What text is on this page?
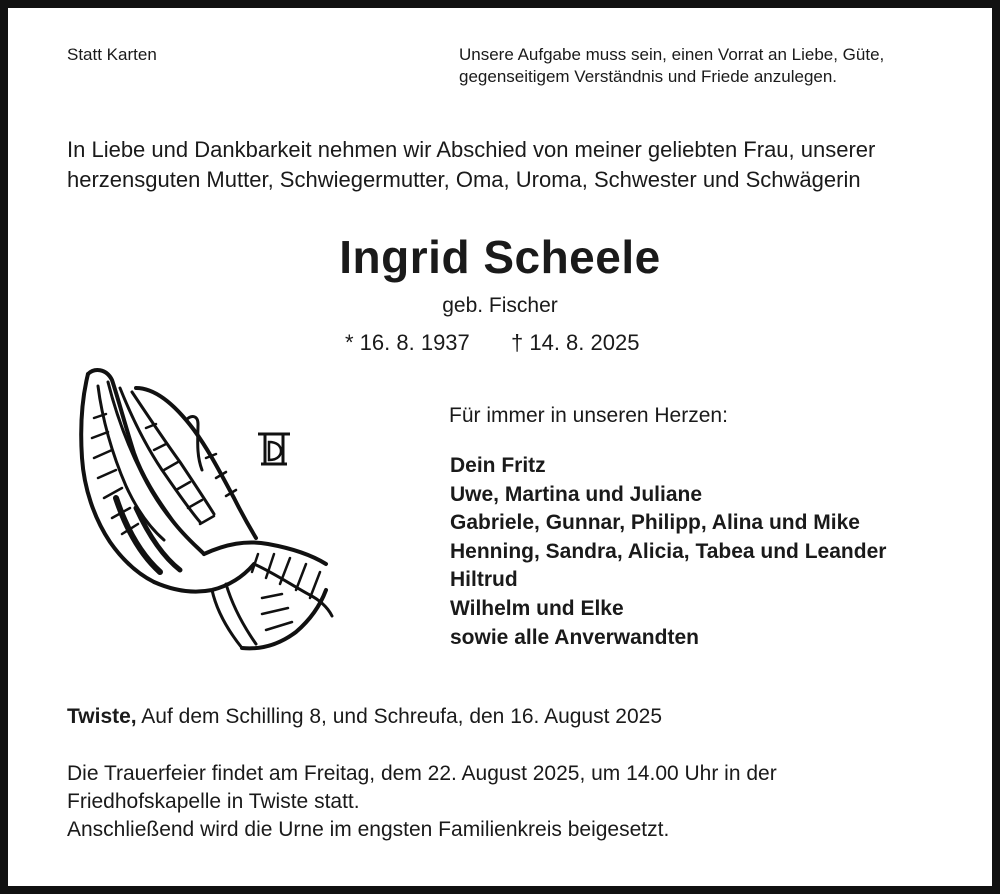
Statt Karten	Unsere Aufgabe muss sein, einen Vorrat an Liebe, Güte,
gegenseitigem Verständnis und Friede anzulegen.
In Liebe und Dankbarkeit nehmen wir Abschied von meiner geliebten Frau, unserer
herzensguten Mutter, Schwiegermutter, Oma, Uroma, Schwester und Schwägerin
Ingrid Scheele
geb. Fischer
* 16. 8. 1937 † 14. 8. 2025
Für immer in unseren Herzen:
Dein Fritz
Uwe, Martina und Juliane
Gabriele, Gunnar, Philipp, Alina und Mike
Henning, Sandra, Alicia, Tabea und Leander
Hiltrud
Wilhelm und Elke
sowie alle Anverwandten
Twiste, Auf dem Schilling 8, und Schreufa, den 16. August 2025
Die Trauerfeier findet am Freitag, dem 22. August 2025, um 14.00 Uhr in der
Friedhofskapelle in Twiste statt.
Anschließend wird die Urne im engsten Familienkreis beigesetzt.
